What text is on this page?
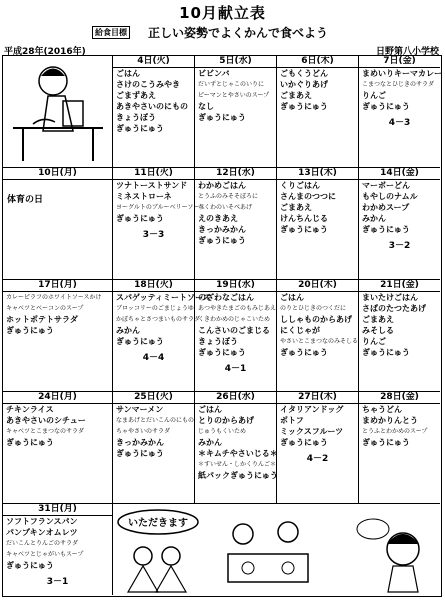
10月献立表
給食目標 正しい姿勢でよくかんで食べよう
平成28年(2016年)	日野第八小学校
4日(火)
ごはん
さけのこうみやき
ごまずあえ
あきやさいのにもの
きょうぼう
ぎゅうにゅう
5日(水)
ビビンバ
だいずとじゃこのいりに
ピーマンとやさいのスープ
なし
ぎゅうにゅう
6日(木)
ごもくうどん
いかぐりあげ
ごまあえ
ぎゅうにゅう
7日(金)
まめいりキーマカレー
こまつなとひじきのサラダ
りんご
ぎゅうにゅう
4－3
10日(月)
体育の日
11日(火)
ツナトーストサンド
ミネストローネ
ヨーグルトのブルーベリーソース
ぎゅうにゅう
3－3
12日(水)
わかめごはん
とうふのみそそぼろに
ちくわのいそべあげ
えのきあえ
きっかみかん
ぎゅうにゅう
13日(木)
くりごはん
さんまのつつに
ごまあえ
けんちんじる
ぎゅうにゅう
14日(金)
マーボーどん
もやしのナムル
わかめスープ
みかん
ぎゅうにゅう
3－2
17日(月)
カレーピラフのホワイトソースかけ
キャベツとベーコンのスープ
ホットポテトサラダ
ぎゅうにゅう
18日(火)
スパゲッティミートソース
ブロッコリーのごまじょうゆ
かぼちゃとさつまいものサラダ
みかん
ぎゅうにゅう
4－4
19日(水)
のざわなごはん
あつやきたまごのもみじあえ
くきわかめのじゃこいため
こんさいのごまじる
きょうぼう
ぎゅうにゅう
4－1
20日(木)
ごはん
のりとひじきのつくだに
ししゃものからあげ
にくじゃが
やさいとこまつなのみそしる
ぎゅうにゅう
21日(金)
まいたけごはん
さばのたつたあげ
ごまあえ
みそしる
りんご
ぎゅうにゅう
24日(月)
チキンライス
あきやさいのシチュー
キャベツとこまつなのサラダ
ぎゅうにゅう
25日(火)
サンマーメン
なまあげとだいこんのにもの
ちゃやさいのサラダ
きっかみかん
ぎゅうにゅう
26日(水)
ごはん
とりのからあげ
じゅうもくいため
みかん
＊キムチやさいじる＊
＊すいせん・しかくりんご＊
紙パックぎゅうにゅう
27日(木)
イタリアンドッグ
ポトフ
ミックスフルーツ
ぎゅうにゅう
4－2
28日(金)
ちゃうどん
まめかりんとう
とうふとわかめのスープ
ぎゅうにゅう
31日(月)
ソフトフランスパン
パンプキンオムレツ
だいこんとりんごのサラダ
キャベツとじゃがいもスープ
ぎゅうにゅう
3－1
いただきます
